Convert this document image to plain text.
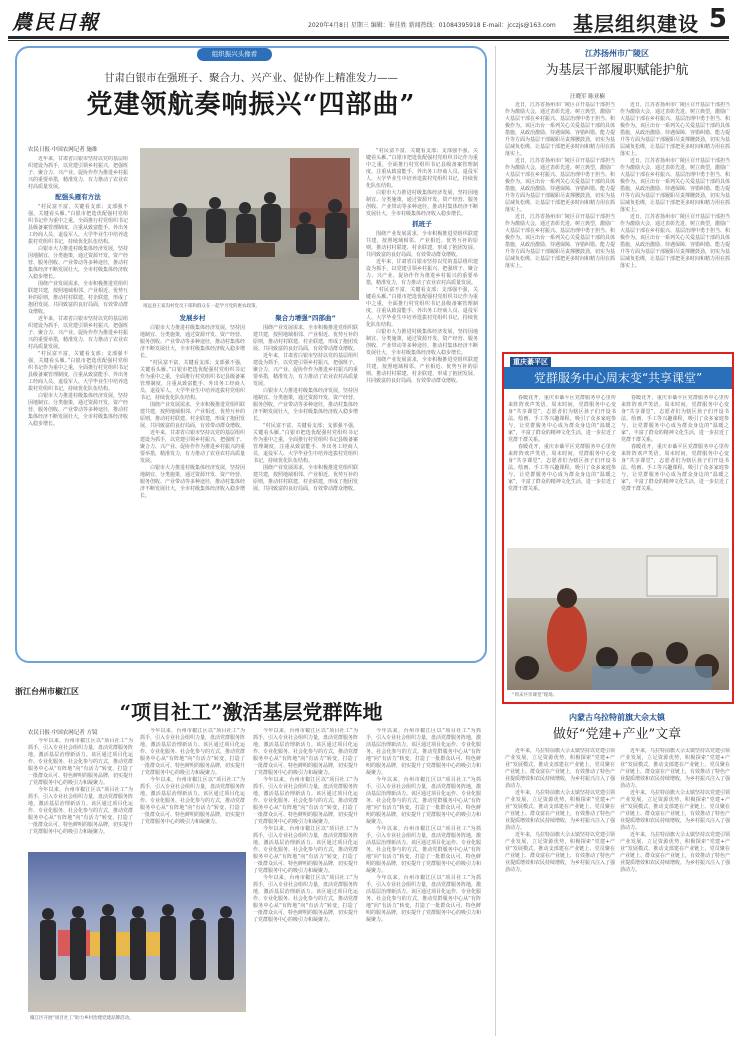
農民日報	2020年4月8日 星期三 编辑：崔佳姓 新闻热线：01084395918 E-mail：jcczjs@163.com 基层组织建设 5
组织振兴头像看
甘肃白银市在强班子、聚合力、兴产业、促协作上精准发力——
党建领航奏响振兴“四部曲”
农民日报·中国农网记者 施维

近年来，甘肃省白银市坚持以党的基层组织建设为抓手，以党建引领乡村振兴，把强班子、聚合力、兴产业、促协作作为推进乡村振兴的重要举措，精准发力，有力推动了农业农村高质量发展。

配强头雁有方法

“村民富不富，关键看支部；支部强不强，关键看头雁。”白银市把选优配强村党组织书记作为重中之重，全面推行村党组织书记县级备案管理制度，注重从致富能手、外出务工经商人员、退役军人、大学毕业生中培养选拔村党组织书记，持续优化队伍结构。

白银市大力推进村级集体经济发展，坚持因地制宜、分类施策，通过资源开发、资产经营、服务创收、产业带动等多种途径，推动村集体经济不断发展壮大，全市村级集体经济收入稳步增长。

围绕产业发展需求，全市积极推进党组织联建共建，按照地域相邻、产业相近、优势互补的原则，推动村村联建、村企联建，形成了抱团发展、共同致富的良好局面，有效带动群众增收。

近年来，甘肃省白银市坚持以党的基层组织建设为抓手，以党建引领乡村振兴，把强班子、聚合力、兴产业、促协作作为推进乡村振兴的重要举措，精准发力，有力推动了农业农村高质量发展。

“村民富不富，关键看支部；支部强不强，关键看头雁。”白银市把选优配强村党组织书记作为重中之重，全面推行村党组织书记县级备案管理制度，注重从致富能手、外出务工经商人员、退役军人、大学毕业生中培养选拔村党组织书记，持续优化队伍结构。

白银市大力推进村级集体经济发展，坚持因地制宜、分类施策，通过资源开发、资产经营、服务创收、产业带动等多种途径，推动村集体经济不断发展壮大，全市村级集体经济收入稳步增长。

靖远县王家沟村党员干部和群众在一起学习党的惠农政策。
发展乡村

白银市大力推进村级集体经济发展，坚持因地制宜、分类施策，通过资源开发、资产经营、服务创收、产业带动等多种途径，推动村集体经济不断发展壮大，全市村级集体经济收入稳步增长。

“村民富不富，关键看支部；支部强不强，关键看头雁。”白银市把选优配强村党组织书记作为重中之重，全面推行村党组织书记县级备案管理制度，注重从致富能手、外出务工经商人员、退役军人、大学毕业生中培养选拔村党组织书记，持续优化队伍结构。

围绕产业发展需求，全市积极推进党组织联建共建，按照地域相邻、产业相近、优势互补的原则，推动村村联建、村企联建，形成了抱团发展、共同致富的良好局面，有效带动群众增收。

近年来，甘肃省白银市坚持以党的基层组织建设为抓手，以党建引领乡村振兴，把强班子、聚合力、兴产业、促协作作为推进乡村振兴的重要举措，精准发力，有力推动了农业农村高质量发展。

白银市大力推进村级集体经济发展，坚持因地制宜、分类施策，通过资源开发、资产经营、服务创收、产业带动等多种途径，推动村集体经济不断发展壮大，全市村级集体经济收入稳步增长。

聚合力增强“四部曲”

围绕产业发展需求，全市积极推进党组织联建共建，按照地域相邻、产业相近、优势互补的原则，推动村村联建、村企联建，形成了抱团发展、共同致富的良好局面，有效带动群众增收。

近年来，甘肃省白银市坚持以党的基层组织建设为抓手，以党建引领乡村振兴，把强班子、聚合力、兴产业、促协作作为推进乡村振兴的重要举措，精准发力，有力推动了农业农村高质量发展。

白银市大力推进村级集体经济发展，坚持因地制宜、分类施策，通过资源开发、资产经营、服务创收、产业带动等多种途径，推动村集体经济不断发展壮大，全市村级集体经济收入稳步增长。

“村民富不富，关键看支部；支部强不强，关键看头雁。”白银市把选优配强村党组织书记作为重中之重，全面推行村党组织书记县级备案管理制度，注重从致富能手、外出务工经商人员、退役军人、大学毕业生中培养选拔村党组织书记，持续优化队伍结构。

围绕产业发展需求，全市积极推进党组织联建共建，按照地域相邻、产业相近、优势互补的原则，推动村村联建、村企联建，形成了抱团发展、共同致富的良好局面，有效带动群众增收。

“村民富不富，关键看支部；支部强不强，关键看头雁。”白银市把选优配强村党组织书记作为重中之重，全面推行村党组织书记县级备案管理制度，注重从致富能手、外出务工经商人员、退役军人、大学毕业生中培养选拔村党组织书记，持续优化队伍结构。

白银市大力推进村级集体经济发展，坚持因地制宜、分类施策，通过资源开发、资产经营、服务创收、产业带动等多种途径，推动村集体经济不断发展壮大，全市村级集体经济收入稳步增长。

抓班子

围绕产业发展需求，全市积极推进党组织联建共建，按照地域相邻、产业相近、优势互补的原则，推动村村联建、村企联建，形成了抱团发展、共同致富的良好局面，有效带动群众增收。

近年来，甘肃省白银市坚持以党的基层组织建设为抓手，以党建引领乡村振兴，把强班子、聚合力、兴产业、促协作作为推进乡村振兴的重要举措，精准发力，有力推动了农业农村高质量发展。

“村民富不富，关键看支部；支部强不强，关键看头雁。”白银市把选优配强村党组织书记作为重中之重，全面推行村党组织书记县级备案管理制度，注重从致富能手、外出务工经商人员、退役军人、大学毕业生中培养选拔村党组织书记，持续优化队伍结构。

白银市大力推进村级集体经济发展，坚持因地制宜、分类施策，通过资源开发、资产经营、服务创收、产业带动等多种途径，推动村集体经济不断发展壮大，全市村级集体经济收入稳步增长。

围绕产业发展需求，全市积极推进党组织联建共建，按照地域相邻、产业相近、优势互补的原则，推动村村联建、村企联建，形成了抱团发展、共同致富的良好局面，有效带动群众增收。

江苏扬州市广陵区
为基层干部履职赋能护航
汪晓军 陈亚楠

近日，江苏省扬州市广陵区召开基层干部担当作为激励大会，通过表彰先进、树立典型，激励广大基层干部在乡村振兴、基层治理中勇于担当、积极作为。该区出台一系列关心关爱基层干部的具体措施，从政治激励、待遇保障、容错纠错、能力提升等方面为基层干部履职尽责撑腰鼓劲，切实为基层减负松绑，让基层干部把更多时间和精力用在抓落实上。

近日，江苏省扬州市广陵区召开基层干部担当作为激励大会，通过表彰先进、树立典型，激励广大基层干部在乡村振兴、基层治理中勇于担当、积极作为。该区出台一系列关心关爱基层干部的具体措施，从政治激励、待遇保障、容错纠错、能力提升等方面为基层干部履职尽责撑腰鼓劲，切实为基层减负松绑，让基层干部把更多时间和精力用在抓落实上。

近日，江苏省扬州市广陵区召开基层干部担当作为激励大会，通过表彰先进、树立典型，激励广大基层干部在乡村振兴、基层治理中勇于担当、积极作为。该区出台一系列关心关爱基层干部的具体措施，从政治激励、待遇保障、容错纠错、能力提升等方面为基层干部履职尽责撑腰鼓劲，切实为基层减负松绑，让基层干部把更多时间和精力用在抓落实上。

近日，江苏省扬州市广陵区召开基层干部担当作为激励大会，通过表彰先进、树立典型，激励广大基层干部在乡村振兴、基层治理中勇于担当、积极作为。该区出台一系列关心关爱基层干部的具体措施，从政治激励、待遇保障、容错纠错、能力提升等方面为基层干部履职尽责撑腰鼓劲，切实为基层减负松绑，让基层干部把更多时间和精力用在抓落实上。

近日，江苏省扬州市广陵区召开基层干部担当作为激励大会，通过表彰先进、树立典型，激励广大基层干部在乡村振兴、基层治理中勇于担当、积极作为。该区出台一系列关心关爱基层干部的具体措施，从政治激励、待遇保障、容错纠错、能力提升等方面为基层干部履职尽责撑腰鼓劲，切实为基层减负松绑，让基层干部把更多时间和精力用在抓落实上。

近日，江苏省扬州市广陵区召开基层干部担当作为激励大会，通过表彰先进、树立典型，激励广大基层干部在乡村振兴、基层治理中勇于担当、积极作为。该区出台一系列关心关爱基层干部的具体措施，从政治激励、待遇保障、容错纠错、能力提升等方面为基层干部履职尽责撑腰鼓劲，切实为基层减负松绑，让基层干部把更多时间和精力用在抓落实上。

重庆綦平区
党群服务中心周末变“共享课堂”

春暖花开，重庆市綦平区党群服务中心里传来阵阵欢声笑语。周末时间，党群服务中心变身“共享课堂”，志愿者们为辖区孩子们开设书法、绘画、手工等兴趣课程，吸引了众多家庭参与，让党群服务中心成为群众身边的“温暖之家”，丰富了群众的精神文化生活，进一步拉近了党群干群关系。

春暖花开，重庆市綦平区党群服务中心里传来阵阵欢声笑语。周末时间，党群服务中心变身“共享课堂”，志愿者们为辖区孩子们开设书法、绘画、手工等兴趣课程，吸引了众多家庭参与，让党群服务中心成为群众身边的“温暖之家”，丰富了群众的精神文化生活，进一步拉近了党群干群关系。

春暖花开，重庆市綦平区党群服务中心里传来阵阵欢声笑语。周末时间，党群服务中心变身“共享课堂”，志愿者们为辖区孩子们开设书法、绘画、手工等兴趣课程，吸引了众多家庭参与，让党群服务中心成为群众身边的“温暖之家”，丰富了群众的精神文化生活，进一步拉近了党群干群关系。

春暖花开，重庆市綦平区党群服务中心里传来阵阵欢声笑语。周末时间，党群服务中心变身“共享课堂”，志愿者们为辖区孩子们开设书法、绘画、手工等兴趣课程，吸引了众多家庭参与，让党群服务中心成为群众身边的“温暖之家”，丰富了群众的精神文化生活，进一步拉近了党群干群关系。

“周末共享课堂”现场。
浙江台州市椒江区
“项目社工”激活基层党群阵地
农民日报·中国农网记者 方镜

今年以来，台州市椒江区以“项目社工”为抓手，引入专业社会组织力量，盘活党群服务阵地，激活基层治理新活力。该区通过项目化运作、专业化服务、社会化参与的方式，推动党群服务中心从“有阵地”向“有活力”转变，打造了一批群众认可、特色鲜明的服务品牌，切实提升了党群服务中心的吸引力和凝聚力。

今年以来，台州市椒江区以“项目社工”为抓手，引入专业社会组织力量，盘活党群服务阵地，激活基层治理新活力。该区通过项目化运作、专业化服务、社会化参与的方式，推动党群服务中心从“有阵地”向“有活力”转变，打造了一批群众认可、特色鲜明的服务品牌，切实提升了党群服务中心的吸引力和凝聚力。

今年以来，台州市椒江区以“项目社工”为抓手，引入专业社会组织力量，盘活党群服务阵地，激活基层治理新活力。该区通过项目化运作、专业化服务、社会化参与的方式，推动党群服务中心从“有阵地”向“有活力”转变，打造了一批群众认可、特色鲜明的服务品牌，切实提升了党群服务中心的吸引力和凝聚力。

今年以来，台州市椒江区以“项目社工”为抓手，引入专业社会组织力量，盘活党群服务阵地，激活基层治理新活力。该区通过项目化运作、专业化服务、社会化参与的方式，推动党群服务中心从“有阵地”向“有活力”转变，打造了一批群众认可、特色鲜明的服务品牌，切实提升了党群服务中心的吸引力和凝聚力。

今年以来，台州市椒江区以“项目社工”为抓手，引入专业社会组织力量，盘活党群服务阵地，激活基层治理新活力。该区通过项目化运作、专业化服务、社会化参与的方式，推动党群服务中心从“有阵地”向“有活力”转变，打造了一批群众认可、特色鲜明的服务品牌，切实提升了党群服务中心的吸引力和凝聚力。

今年以来，台州市椒江区以“项目社工”为抓手，引入专业社会组织力量，盘活党群服务阵地，激活基层治理新活力。该区通过项目化运作、专业化服务、社会化参与的方式，推动党群服务中心从“有阵地”向“有活力”转变，打造了一批群众认可、特色鲜明的服务品牌，切实提升了党群服务中心的吸引力和凝聚力。

今年以来，台州市椒江区以“项目社工”为抓手，引入专业社会组织力量，盘活党群服务阵地，激活基层治理新活力。该区通过项目化运作、专业化服务、社会化参与的方式，推动党群服务中心从“有阵地”向“有活力”转变，打造了一批群众认可、特色鲜明的服务品牌，切实提升了党群服务中心的吸引力和凝聚力。

今年以来，台州市椒江区以“项目社工”为抓手，引入专业社会组织力量，盘活党群服务阵地，激活基层治理新活力。该区通过项目化运作、专业化服务、社会化参与的方式，推动党群服务中心从“有阵地”向“有活力”转变，打造了一批群众认可、特色鲜明的服务品牌，切实提升了党群服务中心的吸引力和凝聚力。

今年以来，台州市椒江区以“项目社工”为抓手，引入专业社会组织力量，盘活党群服务阵地，激活基层治理新活力。该区通过项目化运作、专业化服务、社会化参与的方式，推动党群服务中心从“有阵地”向“有活力”转变，打造了一批群众认可、特色鲜明的服务品牌，切实提升了党群服务中心的吸引力和凝聚力。

今年以来，台州市椒江区以“项目社工”为抓手，引入专业社会组织力量，盘活党群服务阵地，激活基层治理新活力。该区通过项目化运作、专业化服务、社会化参与的方式，推动党群服务中心从“有阵地”向“有活力”转变，打造了一批群众认可、特色鲜明的服务品牌，切实提升了党群服务中心的吸引力和凝聚力。

今年以来，台州市椒江区以“项目社工”为抓手，引入专业社会组织力量，盘活党群服务阵地，激活基层治理新活力。该区通过项目化运作、专业化服务、社会化参与的方式，推动党群服务中心从“有阵地”向“有活力”转变，打造了一批群众认可、特色鲜明的服务品牌，切实提升了党群服务中心的吸引力和凝聚力。

今年以来，台州市椒江区以“项目社工”为抓手，引入专业社会组织力量，盘活党群服务阵地，激活基层治理新活力。该区通过项目化运作、专业化服务、社会化参与的方式，推动党群服务中心从“有阵地”向“有活力”转变，打造了一批群众认可、特色鲜明的服务品牌，切实提升了党群服务中心的吸引力和凝聚力。

椒江区开展“项目社工”助力乡村治理党建品牌活动。
内蒙古乌拉特前旗大佘太镇
做好“党建+产业”文章

近年来，乌拉特前旗大佘太镇坚持以党建引领产业发展，立足资源优势，积极探索“党建+产业”发展模式，推动支部建在产业链上、党员聚在产业链上、群众富在产业链上，有效推动了特色产业提质增效和农民持续增收，为乡村振兴注入了强劲动力。

近年来，乌拉特前旗大佘太镇坚持以党建引领产业发展，立足资源优势，积极探索“党建+产业”发展模式，推动支部建在产业链上、党员聚在产业链上、群众富在产业链上，有效推动了特色产业提质增效和农民持续增收，为乡村振兴注入了强劲动力。

近年来，乌拉特前旗大佘太镇坚持以党建引领产业发展，立足资源优势，积极探索“党建+产业”发展模式，推动支部建在产业链上、党员聚在产业链上、群众富在产业链上，有效推动了特色产业提质增效和农民持续增收，为乡村振兴注入了强劲动力。

近年来，乌拉特前旗大佘太镇坚持以党建引领产业发展，立足资源优势，积极探索“党建+产业”发展模式，推动支部建在产业链上、党员聚在产业链上、群众富在产业链上，有效推动了特色产业提质增效和农民持续增收，为乡村振兴注入了强劲动力。

近年来，乌拉特前旗大佘太镇坚持以党建引领产业发展，立足资源优势，积极探索“党建+产业”发展模式，推动支部建在产业链上、党员聚在产业链上、群众富在产业链上，有效推动了特色产业提质增效和农民持续增收，为乡村振兴注入了强劲动力。

近年来，乌拉特前旗大佘太镇坚持以党建引领产业发展，立足资源优势，积极探索“党建+产业”发展模式，推动支部建在产业链上、党员聚在产业链上、群众富在产业链上，有效推动了特色产业提质增效和农民持续增收，为乡村振兴注入了强劲动力。
